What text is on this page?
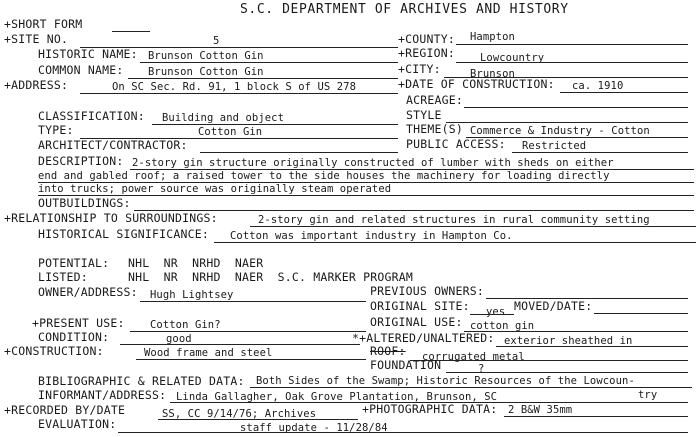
S.C. DEPARTMENT OF ARCHIVES AND HISTORY
+SHORT FORM
+SITE NO.	5	+COUNTY: Hampton
HISTORIC NAME: Brunson Cotton Gin	+REGION: Lowcountry
COMMON NAME: Brunson Cotton Gin	+CITY:	Brunson
+ADDRESS:	On SC Sec. Rd. 91, 1 block S of US 278	+DATE OF CONSTRUCTION: ca. 1910
ACREAGE:
CLASSIFICATION: Building and object	STYLE
TYPE:	Cotton Gin	THEME(S) Commerce & Industry - Cotton
ARCHITECT/CONTRACTOR:	PUBLIC ACCESS: Restricted
DESCRIPTION: 2-story gin structure originally constructed of lumber with sheds on either
end and gabled roof; a raised tower to the side houses the machinery for loading directly
into trucks; power source was originally steam operated
OUTBUILDINGS:
+RELATIONSHIP TO SURROUNDINGS:	2-story gin and related structures in rural community setting
HISTORICAL SIGNIFICANCE: Cotton was important industry in Hampton Co.
POTENTIAL: NHL  NR  NRHD  NAER
LISTED:	NHL  NR  NRHD  NAER  S.C. MARKER PROGRAM
OWNER/ADDRESS: Hugh Lightsey	PREVIOUS OWNERS:
ORIGINAL SITE: yes MOVED/DATE:
+PRESENT USE: Cotton Gin?	ORIGINAL USE: cotton gin
CONDITION:	good	*+ALTERED/UNALTERED: exterior sheathed in
+CONSTRUCTION:	Wood frame and steel	ROOF: corrugated metal
FOUNDATION	?
BIBLIOGRAPHIC & RELATED DATA: Both Sides of the Swamp; Historic Resources of the Lowcoun-
INFORMANT/ADDRESS: Linda Gallagher, Oak Grove Plantation, Brunson, SC	try
+RECORDED BY/DATE	SS, CC 9/14/76; Archives	+PHOTOGRAPHIC DATA: 2 B&W 35mm
EVALUATION:	staff update - 11/28/84
